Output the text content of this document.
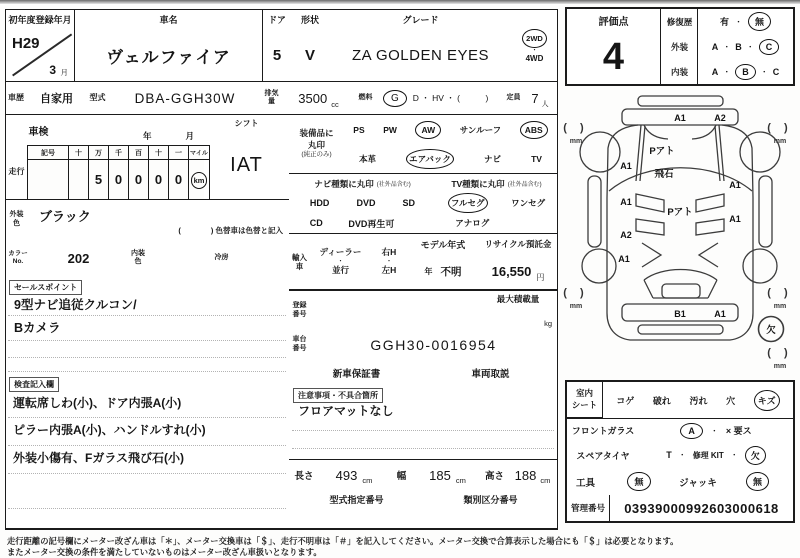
初年度登録年月
H29
3 月
車名
ヴェルファイア
ドア
5
形状
V
グレード
ZA GOLDEN EYES
2WD
・
4WD
車歴 自家用 型式 DBA-GGH30W	排気量	3500 cc
燃料	G	D ・ HV ・ (　　　)	定員 7 人
車検	年	月
シフト
IAT
走行
記号	十	万	千	百	十	一	マイル
		5	0	0	0	0	km
外装色	ブラック
(　　　　) 色替車は色替と記入
カラー
No.	202	内装色
冷房
セールスポイント
9型ナビ追従クルコン/
Bカメラ
検査記入欄
運転席しわ(小)、ドア内張A(小)
ピラー内張A(小)、ハンドルすれ(小)
外装小傷有、Fガラス飛び石(小)
装備品に
丸印
(純正のみ)
PS PW	AW	サンルーフ	ABS
本革	エアバック	ナビ	TV
ナビ種類に丸印 (社外品含む)
HDD	DVD	SD
CD	DVD再生可
TV種類に丸印 (社外品含む)
フルセグ	ワンセグ
アナログ
輸入車
ディーラー
・
並行
右H
・
左H
モデル年式
年 不明
リサイクル預託金
16,550 円
登録番号
最大積載量
kg
車台
番号	GGH30-0016954
新車保証書	車両取説
注意事項・不具合箇所
フロアマットなし
長さ 493 cm	幅 185 cm 高さ 188 cm
型式指定番号	類別区分番号
評価点
4
修復歴	有 ・	無
外装	A ・ B ・	C
内装	A ・	B	・ C
A1	A2
Pアト
飛石
Pアト
A1
A1
A2
A1
A1
A1
B1	A1
欠
( )
mm
( )
mm
( )
mm
( )
mm
( )
mm
室内
シート コゲ 破れ 汚れ 穴	キズ
フロントガラス	A	・ × 要ス
スペアタイヤ	T ・ 修理 KIT ・	欠
工具	無	ジャッキ	無
管理番号 03939000992603000618
走行距離の記号欄にメーター改ざん車は「＊」、メーター交換車は「＄」、走行不明車は「＃」を記入してください。メーター交換で合算表示した場合にも「＄」は必要となります。
またメーター交換の条件を満たしていないものはメーター改ざん車扱いとなります。
